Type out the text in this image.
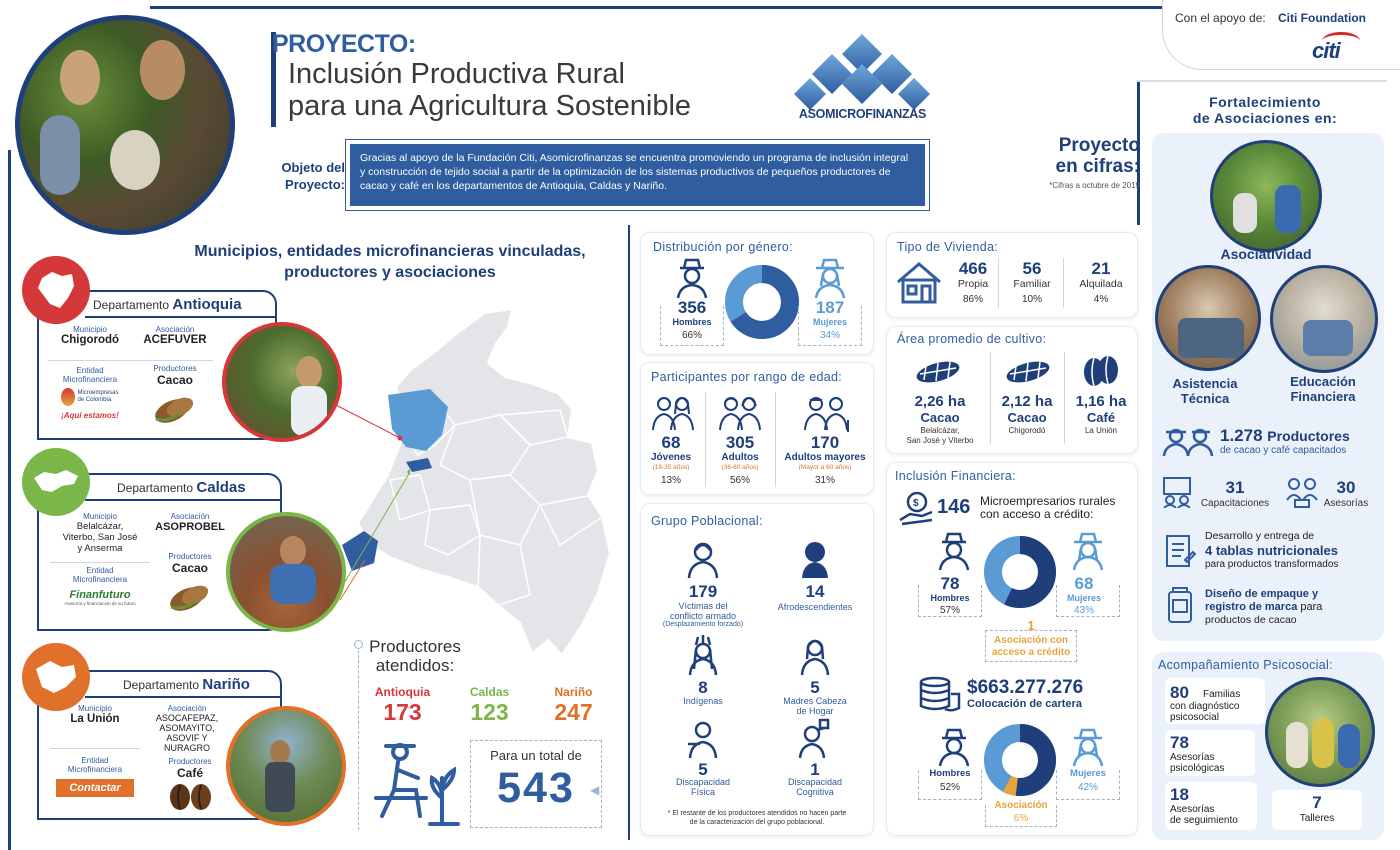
PROYECTO:
Inclusión Productiva Rural
para una Agricultura Sostenible	ASOMICROFINANZAS
Con el apoyo de: Citi Foundation
citi
Objeto del
Proyecto:
Gracias al apoyo de la Fundación Citi, Asomicrofinanzas se encuentra promoviendo un programa de inclusión integral y construcción de tejido social a partir de la optimización de los sistemas productivos de pequeños productores de cacao y café en los departamentos de Antioquia, Caldas y Nariño.
Proyecto
en cifras:
*Cifras a octubre de 2019
Municipios, entidades microfinancieras vinculadas,
productores y asociaciones
Departamento Antioquia
Municipio
Chigorodó
Asociación
ACEFUVER
Entidad
Microfinanciera
Microempresas
de Colombia
¡Aquí estamos!
Productores
Cacao
Departamento Caldas
Municipio
Belalcázar,
Viterbo, San José
y Anserma
Asociación
ASOPROBEL
Entidad
Microfinanciera
Finanfuturo
Asesoría y financiación de su futuro
Productores
Cacao
Departamento Nariño
Municipio
La Unión
Asociación
ASOCAFEPAZ,
ASOMAYITO,
ASOVIF Y
NURAGRO
Entidad
Microfinanciera
Contactar
Productores
Café
Productores
atendidos:
Antioquia
173
Caldas
123
Nariño
247
Para un total de
543	◀
Distribución por género:
356
Hombres
66%
187
Mujeres
34%
Participantes por rango de edad:
68
Jóvenes
(18-35 años)
13%
305
Adultos
(36-60 años)
56%
170
Adultos mayores
(Mayor a 60 años)
31%
Grupo Poblacional:
179
Víctimas del
conflicto armado
(Desplazamiento forzado)
14
Afrodescendientes
8
Indígenas
5
Madres Cabeza
de Hogar
5
Discapacidad
Física
1
Discapacidad
Cognitiva
* El restante de los productores atendidos no hacen parte
de la caracterización del grupo poblacional.
Tipo de Vivienda:
466
Propia
86%
56
Familiar
10%
21
Alquilada
4%
Área promedio de cultivo:
2,26 ha
Cacao
Belalcázar,
San José y Viterbo
2,12 ha
Cacao
Chigorodó
1,16 ha
Café
La Unión
Inclusión Financiera:
$ 146 Microempresarios rurales
con acceso a crédito:
78
Hombres
57%
68
Mujeres
43%
1
Asociación con
acceso a crédito
$663.277.276
Colocación de cartera
Hombres
52%
Mujeres
42%
Asociación
6%
Fortalecimiento
de Asociaciones en:
Asociatividad
Asistencia
Técnica
Educación
Financiera
1.278 Productores
de cacao y café capacitados
31
Capacitaciones
30
Asesorías
Desarrollo y entrega de
4 tablas nutricionales
para productos transformados
Diseño de empaque y
registro de marca para
productos de cacao
Acompañamiento Psicosocial:
80 Familias
con diagnóstico
psicosocial
78
Asesorías
psicológicas
18
Asesorías
de seguimiento
7
Talleres
